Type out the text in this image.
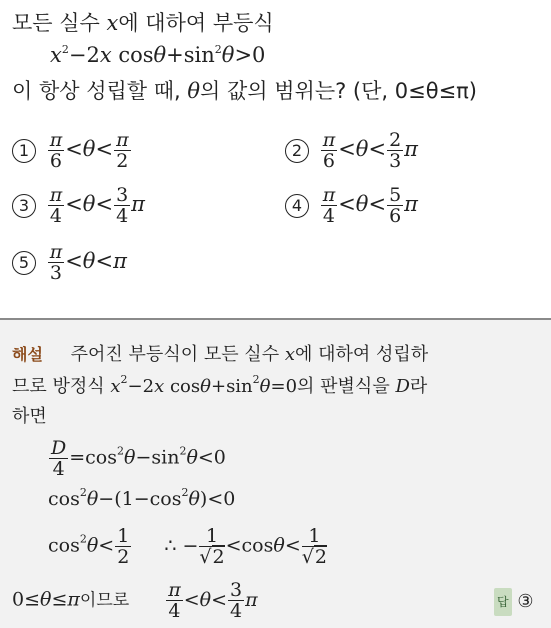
모든 실수 x에 대하여 부등식
$x^2-2x$ $\cos\theta+\sin^2\theta>0$
이 항상 성립할 때, θ의 값의 범위는? (단, 0≤θ≤π)
$1 \frac{\pi}{6} <\theta< \frac{\pi}{2}$	$2 \frac{\pi}{6} <\theta< \frac{2}{3}$ π
$3 \frac{\pi}{4} <\theta< \frac{3}{4}$ π	$4 \frac{\pi}{4} <\theta< \frac{5}{6}$ π
$5 \frac{\pi}{3} <\theta<\pi$
해설 주어진 부등식이 모든 실수 x에 대하여 성립하
므로 방정식 $x^2-2x$ $\cos\theta+\sin^2\theta=0$의 판별식을 D라
하면
$\frac{D}{4} =\cos^2\theta-\sin^2\theta<0$
$\cos^2\theta-(1-\cos^2\theta)<0$
$\cos^2\theta< \frac{1}{2}$ ∴ − $\frac{1}{√2} <\cos\theta< \frac{1}{√2}$
0≤θ≤π이므로 $\frac{\pi}{4} <\theta< \frac{3}{4}$ π	답 ③
